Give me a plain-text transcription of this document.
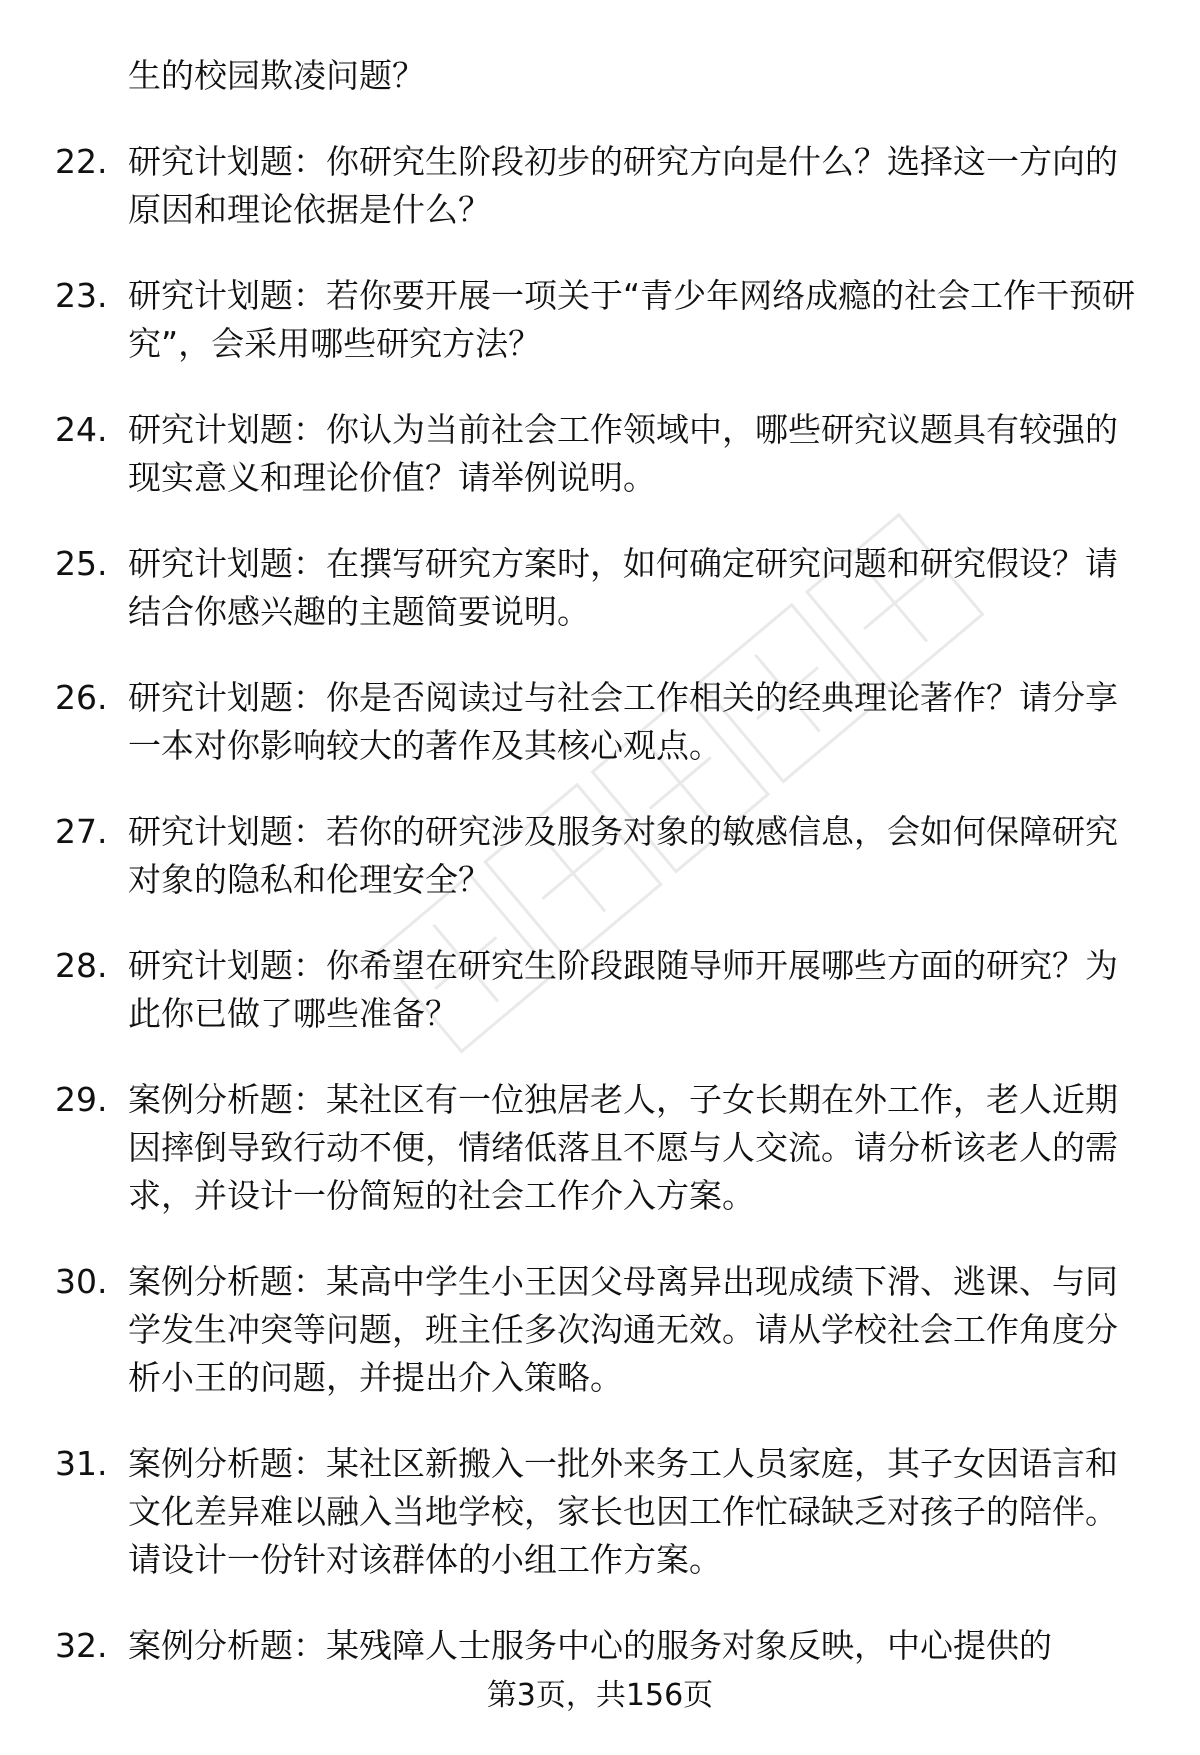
生的校园欺凌问题？
22. 研究计划题：你研究生阶段初步的研究方向是什么？选择这一方向的原因和理论依据是什么？
23. 研究计划题：若你要开展一项关于“青少年网络成瘾的社会工作干预研究”，会采用哪些研究方法？
24. 研究计划题：你认为当前社会工作领域中，哪些研究议题具有较强的现实意义和理论价值？请举例说明。
25. 研究计划题：在撰写研究方案时，如何确定研究问题和研究假设？请结合你感兴趣的主题简要说明。
26. 研究计划题：你是否阅读过与社会工作相关的经典理论著作？请分享一本对你影响较大的著作及其核心观点。
27. 研究计划题：若你的研究涉及服务对象的敏感信息，会如何保障研究对象的隐私和伦理安全？
28. 研究计划题：你希望在研究生阶段跟随导师开展哪些方面的研究？为此你已做了哪些准备？
29. 案例分析题：某社区有一位独居老人，子女长期在外工作，老人近期因摔倒导致行动不便，情绪低落且不愿与人交流。请分析该老人的需求，并设计一份简短的社会工作介入方案。
30. 案例分析题：某高中学生小王因父母离异出现成绩下滑、逃课、与同学发生冲突等问题，班主任多次沟通无效。请从学校社会工作角度分析小王的问题，并提出介入策略。
31. 案例分析题：某社区新搬入一批外来务工人员家庭，其子女因语言和文化差异难以融入当地学校，家长也因工作忙碌缺乏对孩子的陪伴。请设计一份针对该群体的小组工作方案。
32. 案例分析题：某残障人士服务中心的服务对象反映，中心提供的
第3页，共156页
